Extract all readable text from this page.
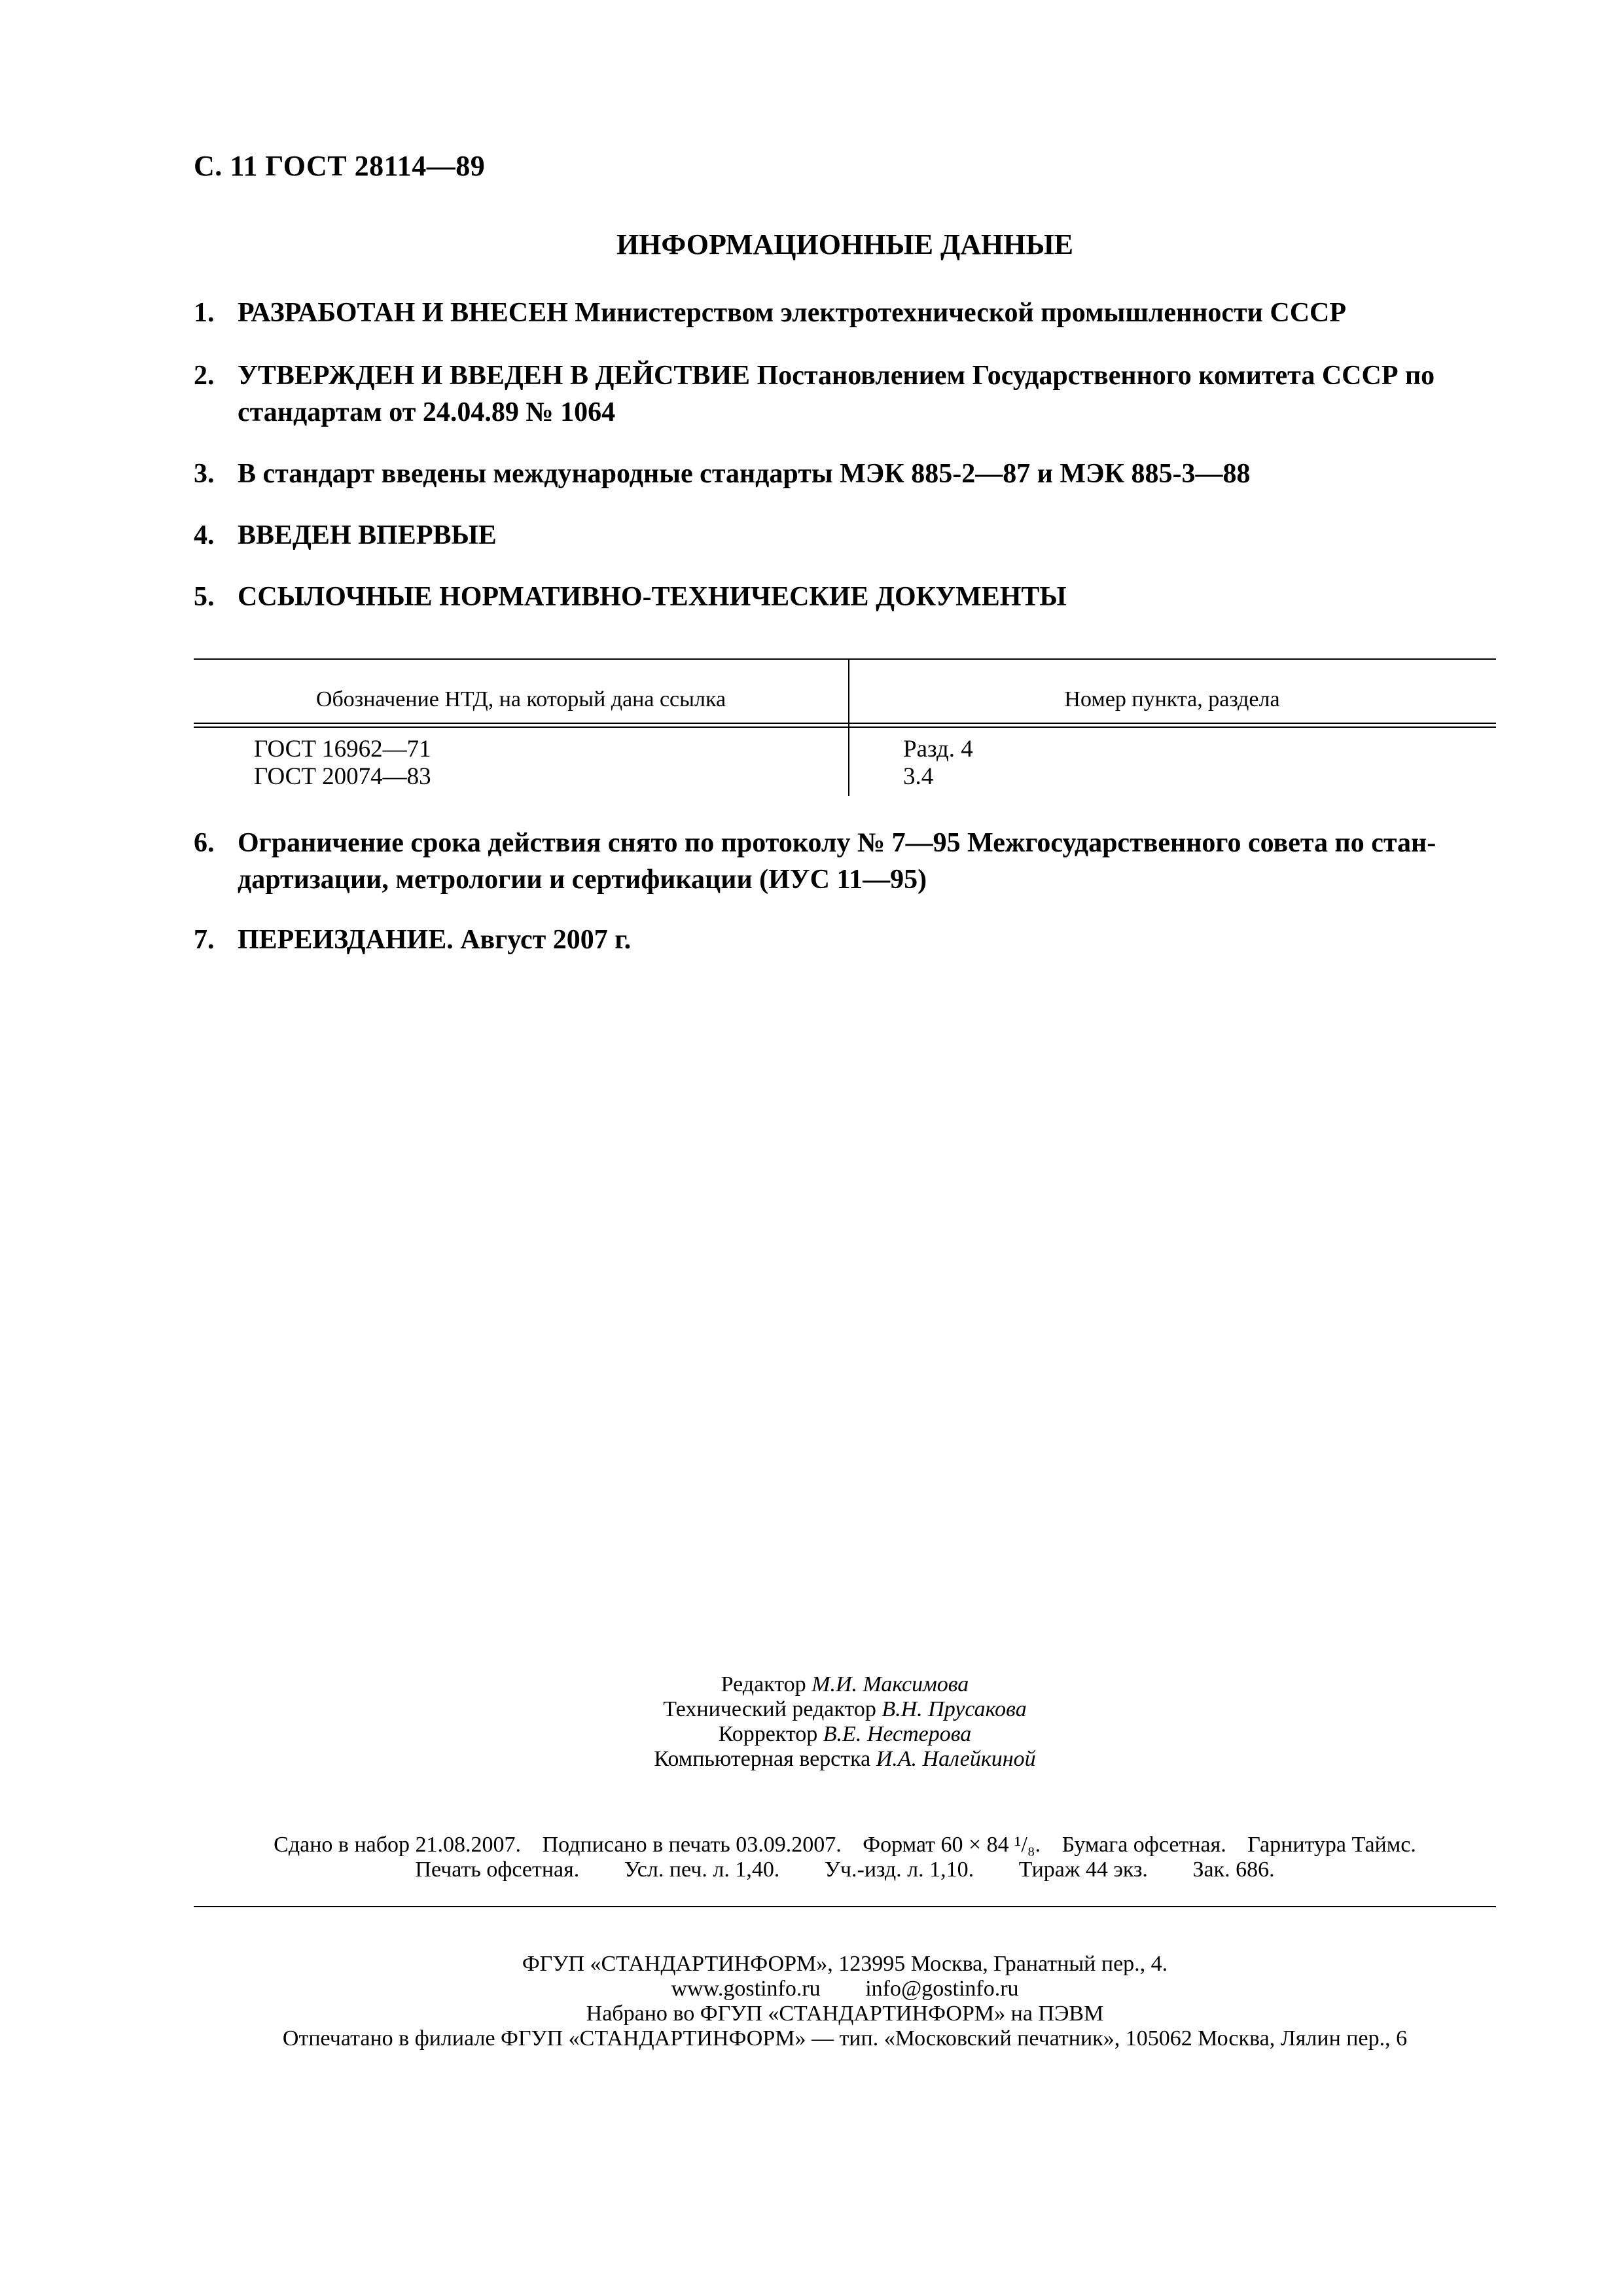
С. 11 ГОСТ 28114—89
ИНФОРМАЦИОННЫЕ ДАННЫЕ
1. РАЗРАБОТАН И ВНЕСЕН Министерством электротехнической промышленности СССР
2. УТВЕРЖДЕН И ВВЕДЕН В ДЕЙСТВИЕ Постановлением Государственного комитета СССР по
стандартам от 24.04.89 № 1064
3. В стандарт введены международные стандарты МЭК 885-2—87 и МЭК 885-3—88
4. ВВЕДЕН ВПЕРВЫЕ
5. ССЫЛОЧНЫЕ НОРМАТИВНО-ТЕХНИЧЕСКИЕ ДОКУМЕНТЫ
Обозначение НТД, на который дана ссылка	Номер пункта, раздела
ГОСТ 16962—71	Разд. 4
ГОСТ 20074—83	3.4
6. Ограничение срока действия снято по протоколу № 7—95 Межгосударственного совета по стан-
дартизации, метрологии и сертификации (ИУС 11—95)
7. ПЕРЕИЗДАНИЕ. Август 2007 г.
Редактор М.И. Максимова
Технический редактор В.Н. Прусакова
Корректор В.Е. Нестерова
Компьютерная верстка И.А. Налейкиной
Сдано в набор 21.08.2007. Подписано в печать 03.09.2007. Формат 60 × 84 ¹/₈. Бумага офсетная. Гарнитура Таймс.
Печать офсетная. Усл. печ. л. 1,40. Уч.-изд. л. 1,10. Тираж 44 экз. Зак. 686.
ФГУП «СТАНДАРТИНФОРМ», 123995 Москва, Гранатный пер., 4.
www.gostinfo.ru info@gostinfo.ru
Набрано во ФГУП «СТАНДАРТИНФОРМ» на ПЭВМ
Отпечатано в филиале ФГУП «СТАНДАРТИНФОРМ» — тип. «Московский печатник», 105062 Москва, Лялин пер., 6
